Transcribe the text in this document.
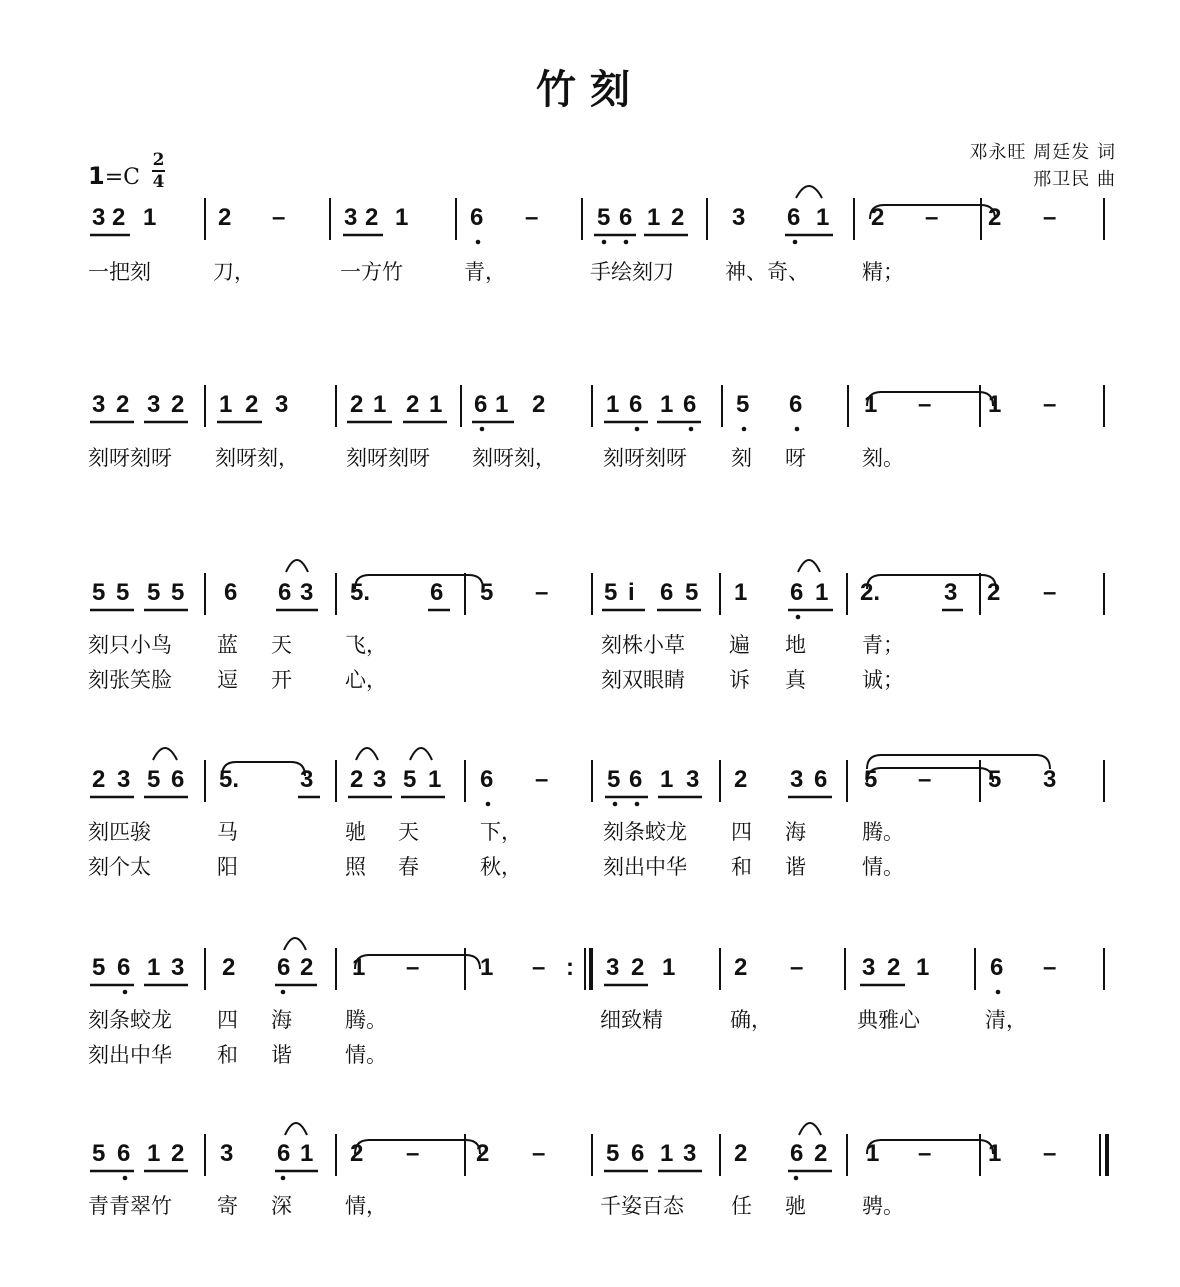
竹刻
邓永旺 周廷发 词
邢卫民 曲
1=C
2
4
3 2 1	2 – 3 2 1	6 – 5 6 1 2 3 6 1 2 – 2 –
一把刻	刀，	一方竹	青，	手绘刻刀 神、奇、	精；
3 2 3 2 1 2 3	2 1 2 1 6 1 2	1 6 1 6 5 6	1 – 1 –
刻呀刻呀 刻呀刻， 刻呀刻呀 刻呀刻， 刻呀刻呀 刻 呀	刻。
5 5 5 5 6 6 3 5. 6 5 – 5 i 6 5 1 6 1 2.	3 2 –
刻只小鸟 蓝 天	飞，	刻株小草 遍 地	青；
刻张笑脸 逗 开	心，	刻双眼睛 诉 真	诚；
2 3 5 6 5.	3 2 3 5 1 6 – 5 6 1 3 2 3 6 5 – 5 3
刻匹骏	马	驰 天	下，	刻条蛟龙 四 海	腾。
刻个太	阳	照 春	秋，	刻出中华 和 谐	情。
5 6 1 3 2 6 2 1 –	1 – : 3 2 1 2 – 3 2 1	6 –
刻条蛟龙 四 海	腾。	细致精	确，	典雅心	清，
刻出中华 和 谐	情。
5 6 1 2 3 6 1 2 – 2 –	5 6 1 3 2 6 2 1 – 1 –
青青翠竹 寄 深	情，	千姿百态 任 驰	骋。
